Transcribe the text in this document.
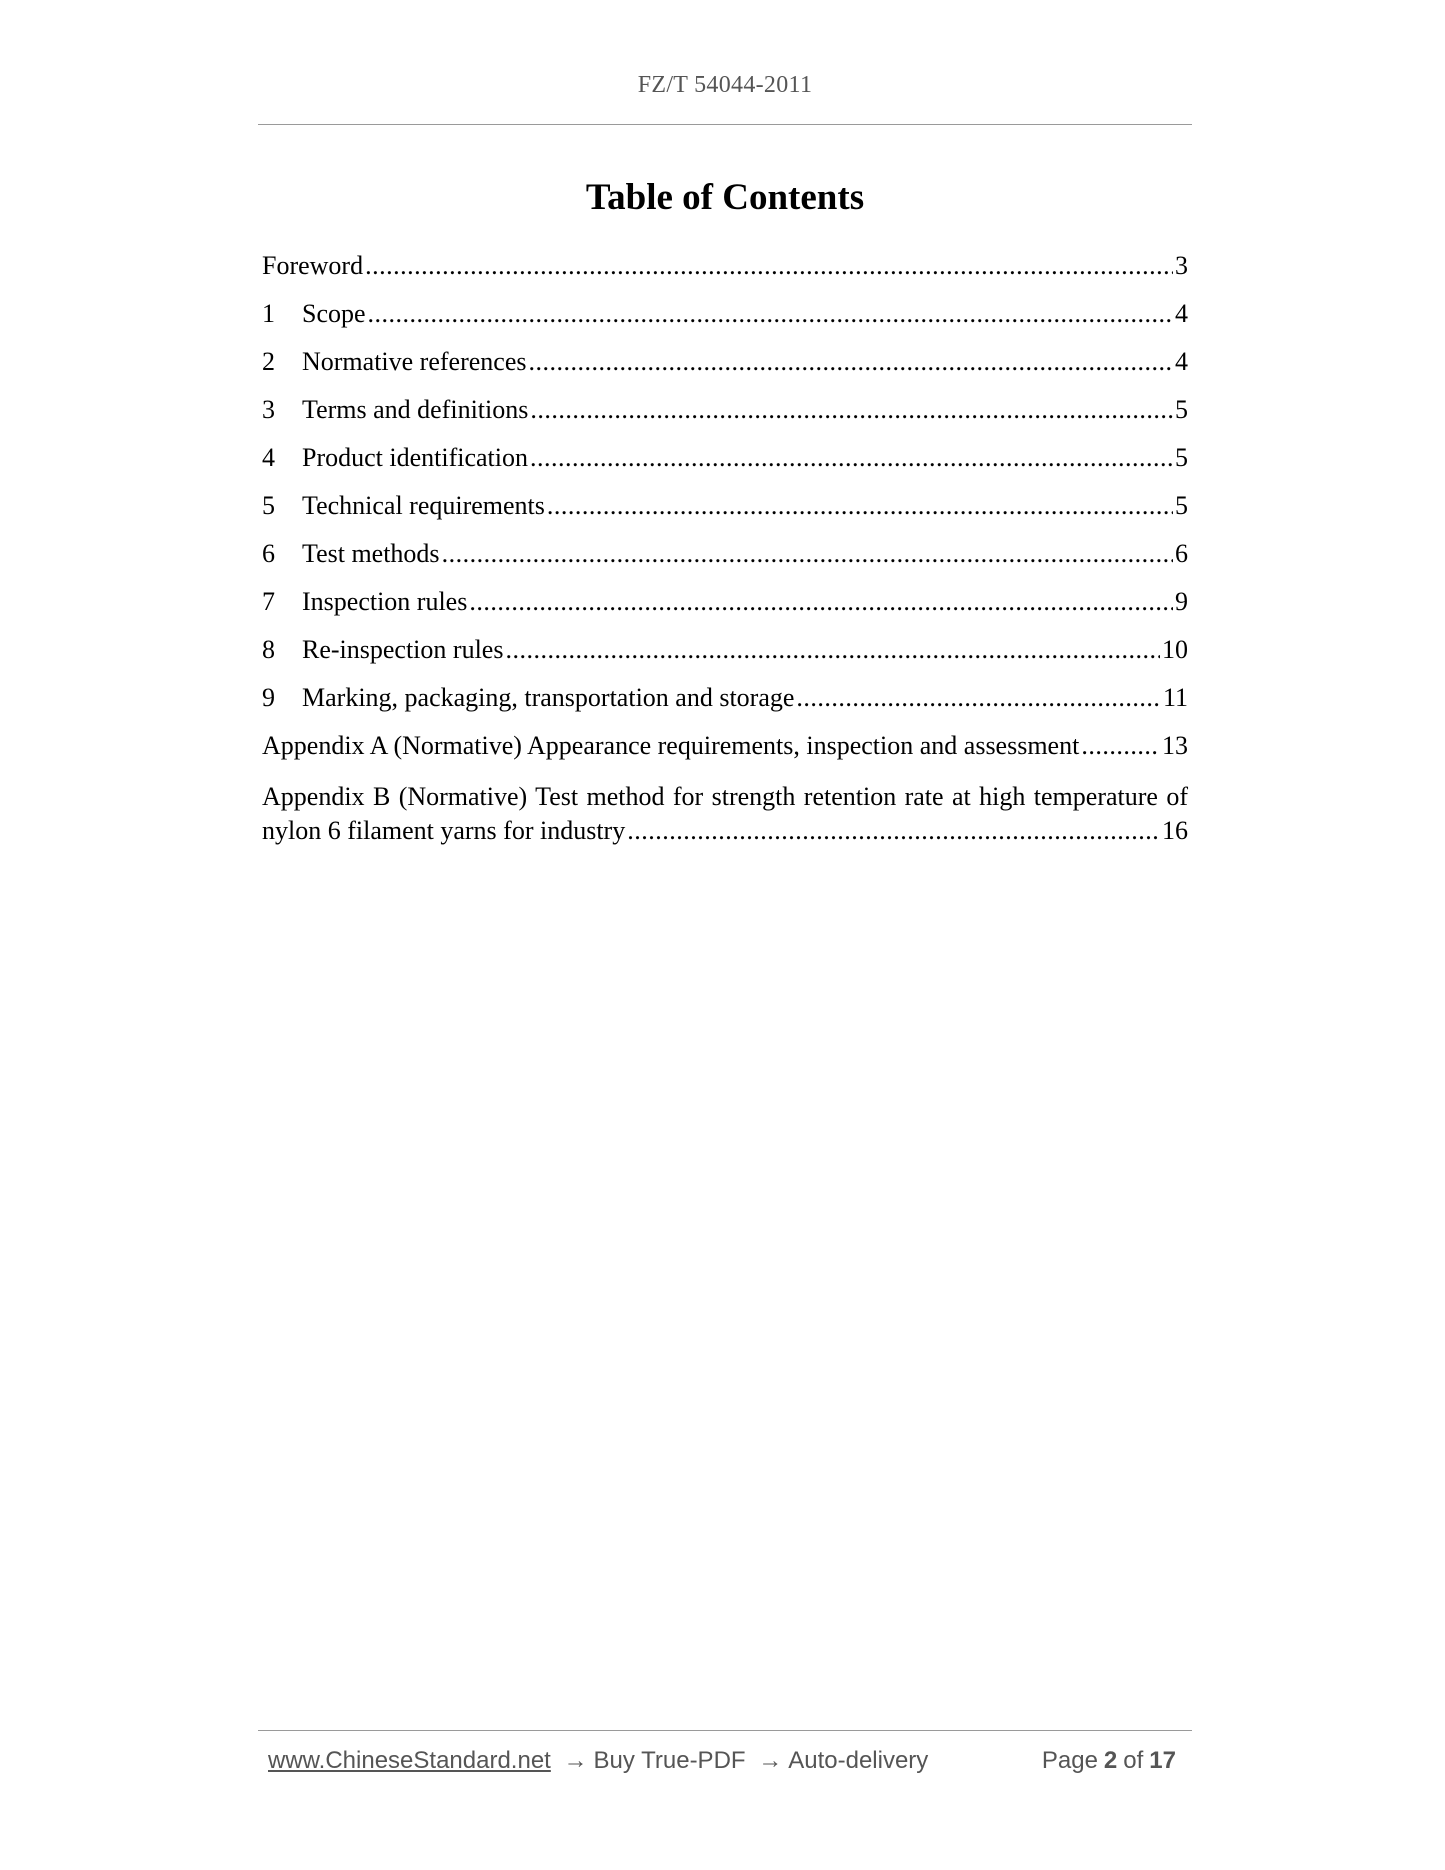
FZ/T 54044-2011
Table of Contents
Foreword .....	3
1	Scope .....	4
2	Normative references .....	4
3	Terms and definitions .....	5
4	Product identification .....	5
5	Technical requirements .....	5
6	Test methods .....	6
7	Inspection rules .....	9
8	Re-inspection rules .....	10
9	Marking, packaging, transportation and storage .....	11
Appendix A (Normative) Appearance requirements, inspection and assessment .....	13
Appendix B (Normative) Test method for strength retention rate at high temperature of
nylon 6 filament yarns for industry .....	16
www.ChineseStandard.net → Buy True-PDF → Auto-delivery	Page 2 of 17
